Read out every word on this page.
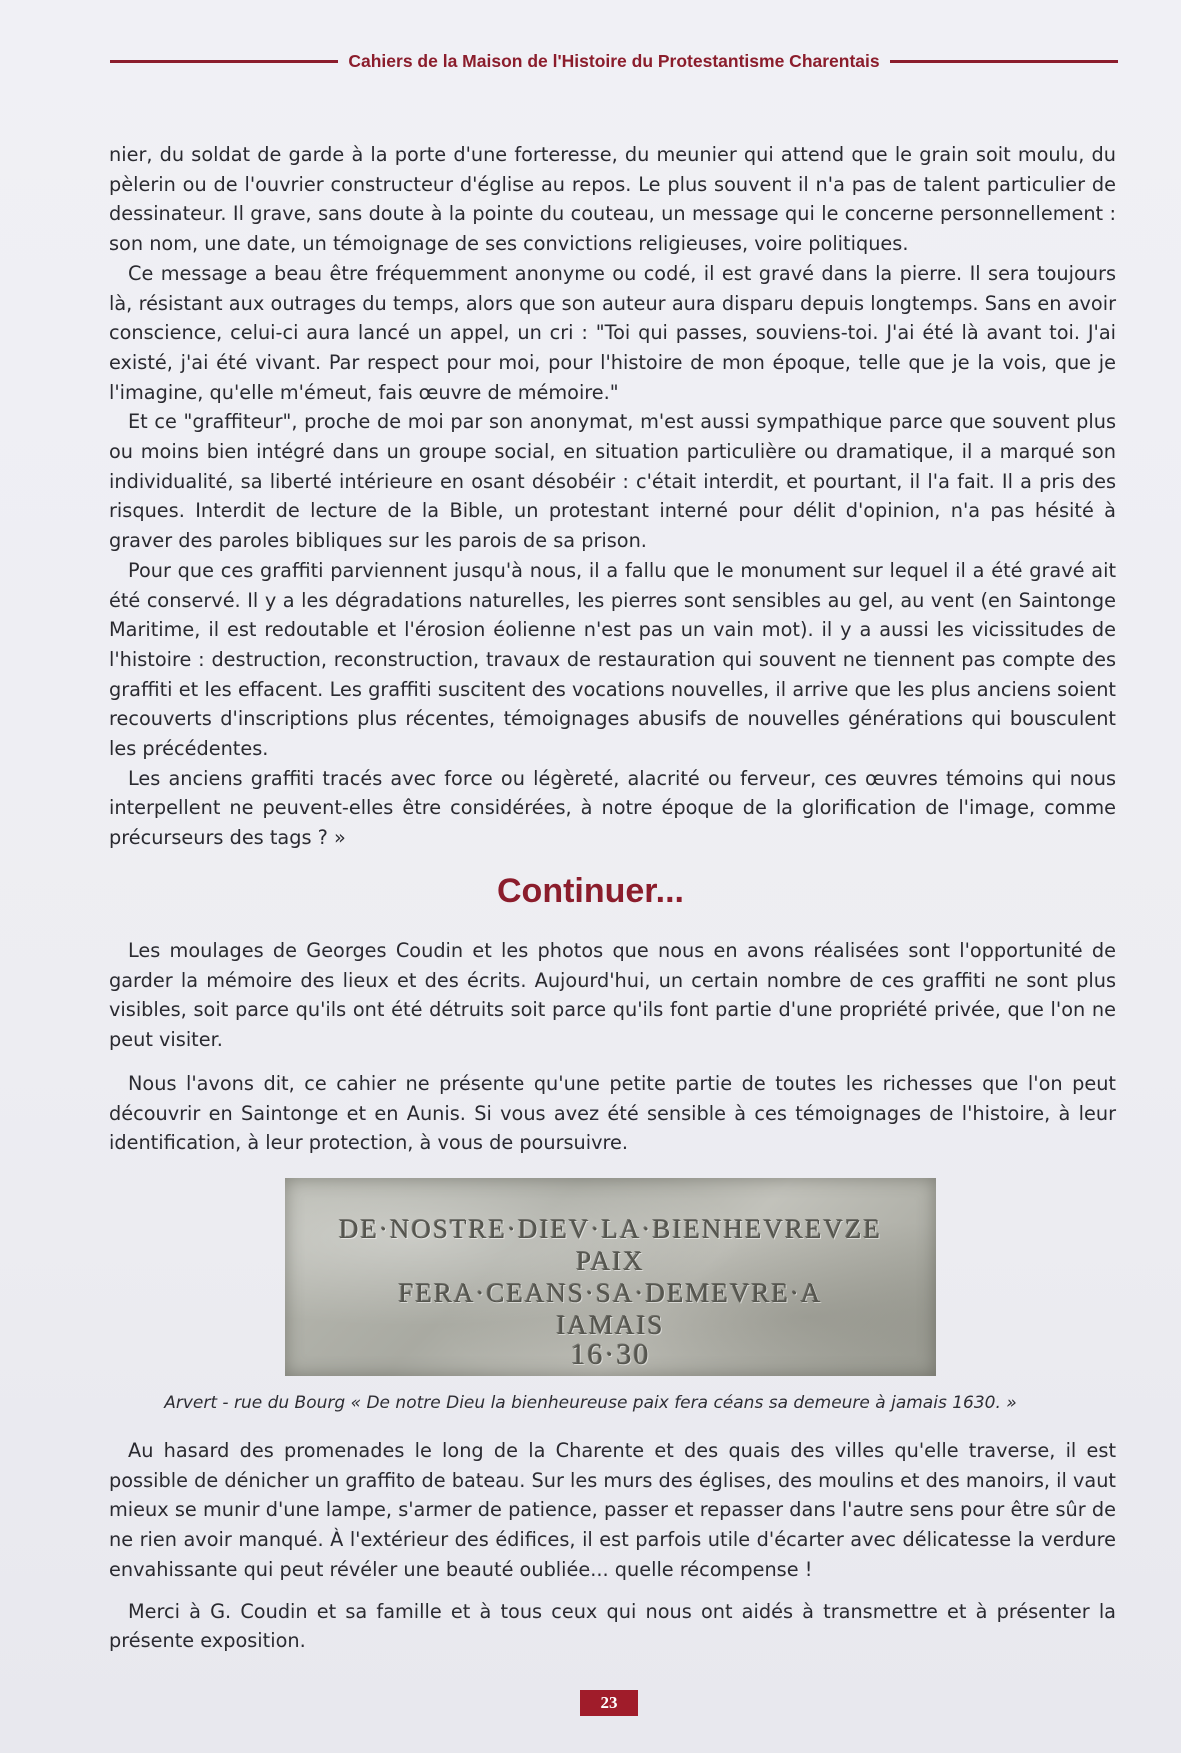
Cahiers de la Maison de l'Histoire du Protestantisme Charentais

nier, du soldat de garde à la porte d'une forteresse, du meunier qui attend que le grain soit moulu, du pèlerin ou de l'ouvrier constructeur d'église au repos. Le plus souvent il n'a pas de talent particulier de dessinateur. Il grave, sans doute à la pointe du couteau, un message qui le concerne personnellement : son nom, une date, un témoignage de ses convictions religieuses, voire politiques.

Ce message a beau être fréquemment anonyme ou codé, il est gravé dans la pierre. Il sera toujours là, résistant aux outrages du temps, alors que son auteur aura disparu depuis longtemps. Sans en avoir conscience, celui-ci aura lancé un appel, un cri : "Toi qui passes, souviens-toi. J'ai été là avant toi. J'ai existé, j'ai été vivant. Par respect pour moi, pour l'histoire de mon époque, telle que je la vois, que je l'imagine, qu'elle m'émeut, fais œuvre de mémoire."

Et ce "graffiteur", proche de moi par son anonymat, m'est aussi sympathique parce que souvent plus ou moins bien intégré dans un groupe social, en situation particulière ou dramatique, il a marqué son individualité, sa liberté intérieure en osant désobéir : c'était interdit, et pourtant, il l'a fait. Il a pris des risques. Interdit de lecture de la Bible, un protestant interné pour délit d'opinion, n'a pas hésité à graver des paroles bibliques sur les parois de sa prison.

Pour que ces graffiti parviennent jusqu'à nous, il a fallu que le monument sur lequel il a été gravé ait été conservé. Il y a les dégradations naturelles, les pierres sont sensibles au gel, au vent (en Saintonge Maritime, il est redoutable et l'érosion éolienne n'est pas un vain mot). il y a aussi les vicissitudes de l'histoire : destruction, reconstruction, travaux de restauration qui souvent ne tiennent pas compte des graffiti et les effacent. Les graffiti suscitent des vocations nouvelles, il arrive que les plus anciens soient recouverts d'inscriptions plus récentes, témoignages abusifs de nouvelles générations qui bousculent les précédentes.

Les anciens graffiti tracés avec force ou légèreté, alacrité ou ferveur, ces œuvres témoins qui nous interpellent ne peuvent-elles être considérées, à notre époque de la glorification de l'image, comme précurseurs des tags ? »

Continuer...

Les moulages de Georges Coudin et les photos que nous en avons réalisées sont l'opportunité de garder la mémoire des lieux et des écrits. Aujourd'hui, un certain nombre de ces graffiti ne sont plus visibles, soit parce qu'ils ont été détruits soit parce qu'ils font partie d'une propriété privée, que l'on ne peut visiter.

Nous l'avons dit, ce cahier ne présente qu'une petite partie de toutes les richesses que l'on peut découvrir en Saintonge et en Aunis. Si vous avez été sensible à ces témoignages de l'histoire, à leur identification, à leur protection, à vous de poursuivre.

DE·NOSTRE·DIEV·LA·BIENHEVREVZE
PAIX
FERA·CEANS·SA·DEMEVRE·A
IAMAIS
16·30
Arvert - rue du Bourg « De notre Dieu la bienheureuse paix fera céans sa demeure à jamais 1630. »

Au hasard des promenades le long de la Charente et des quais des villes qu'elle traverse, il est possible de dénicher un graffito de bateau. Sur les murs des églises, des moulins et des manoirs, il vaut mieux se munir d'une lampe, s'armer de patience, passer et repasser dans l'autre sens pour être sûr de ne rien avoir manqué. À l'extérieur des édifices, il est parfois utile d'écarter avec délicatesse la verdure envahissante qui peut révéler une beauté oubliée... quelle récompense !

Merci à G. Coudin et sa famille et à tous ceux qui nous ont aidés à transmettre et à présenter la présente exposition.

23
